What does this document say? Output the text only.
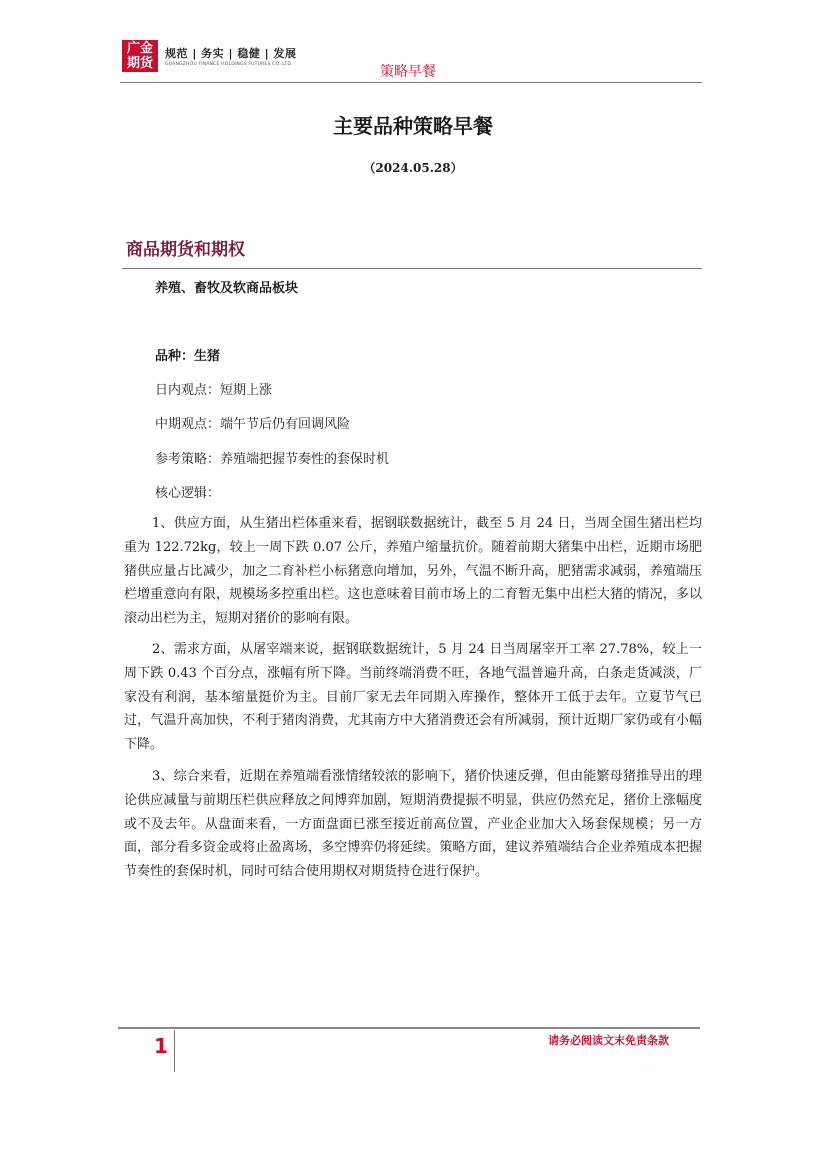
广金
期货
规范 | 务实 | 稳健 | 发展
GUANGZHOU FINANCE HOLDINGS FUTURES CO.,LTD.	策略早餐
主要品种策略早餐
（2024.05.28）
商品期货和期权
养殖、畜牧及软商品板块
品种：生猪
日内观点：短期上涨
中期观点：端午节后仍有回调风险
参考策略：养殖端把握节奏性的套保时机
核心逻辑：

1、供应方面，从生猪出栏体重来看，据钢联数据统计，截至 5 月 24 日，当周全国生猪出栏均重为 122.72kg，较上一周下跌 0.07 公斤，养殖户缩量抗价。随着前期大猪集中出栏，近期市场肥猪供应量占比减少，加之二育补栏小标猪意向增加，另外，气温不断升高，肥猪需求减弱，养殖端压栏增重意向有限，规模场多控重出栏。这也意味着目前市场上的二育暂无集中出栏大猪的情况，多以滚动出栏为主，短期对猪价的影响有限。

2、需求方面，从屠宰端来说，据钢联数据统计，5 月 24 日当周屠宰开工率 27.78%，较上一周下跌 0.43 个百分点，涨幅有所下降。当前终端消费不旺，各地气温普遍升高，白条走货减淡，厂家没有利润，基本缩量挺价为主。目前厂家无去年同期入库操作，整体开工低于去年。立夏节气已过，气温升高加快，不利于猪肉消费，尤其南方中大猪消费还会有所减弱，预计近期厂家仍或有小幅下降。

3、综合来看，近期在养殖端看涨情绪较浓的影响下，猪价快速反弹，但由能繁母猪推导出的理论供应减量与前期压栏供应释放之间博弈加剧，短期消费提振不明显，供应仍然充足，猪价上涨幅度或不及去年。从盘面来看，一方面盘面已涨至接近前高位置，产业企业加大入场套保规模；另一方面，部分看多资金或将止盈离场，多空博弈仍将延续。策略方面，建议养殖端结合企业养殖成本把握节奏性的套保时机，同时可结合使用期权对期货持仓进行保护。

1	请务必阅读文末免责条款
